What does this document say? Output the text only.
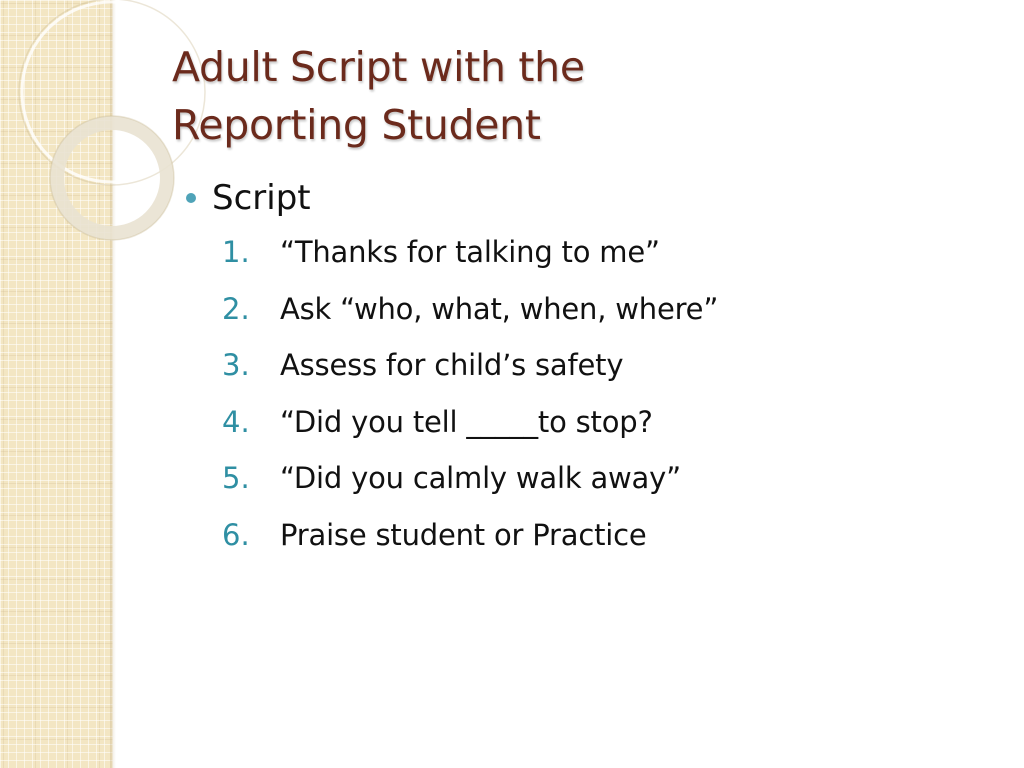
Adult Script with the
Reporting Student
Script
1. “Thanks for talking to me”
2. Ask “who, what, when, where”
3. Assess for child’s safety
4. “Did you tell _____to stop?
5. “Did you calmly walk away”
6. Praise student or Practice
